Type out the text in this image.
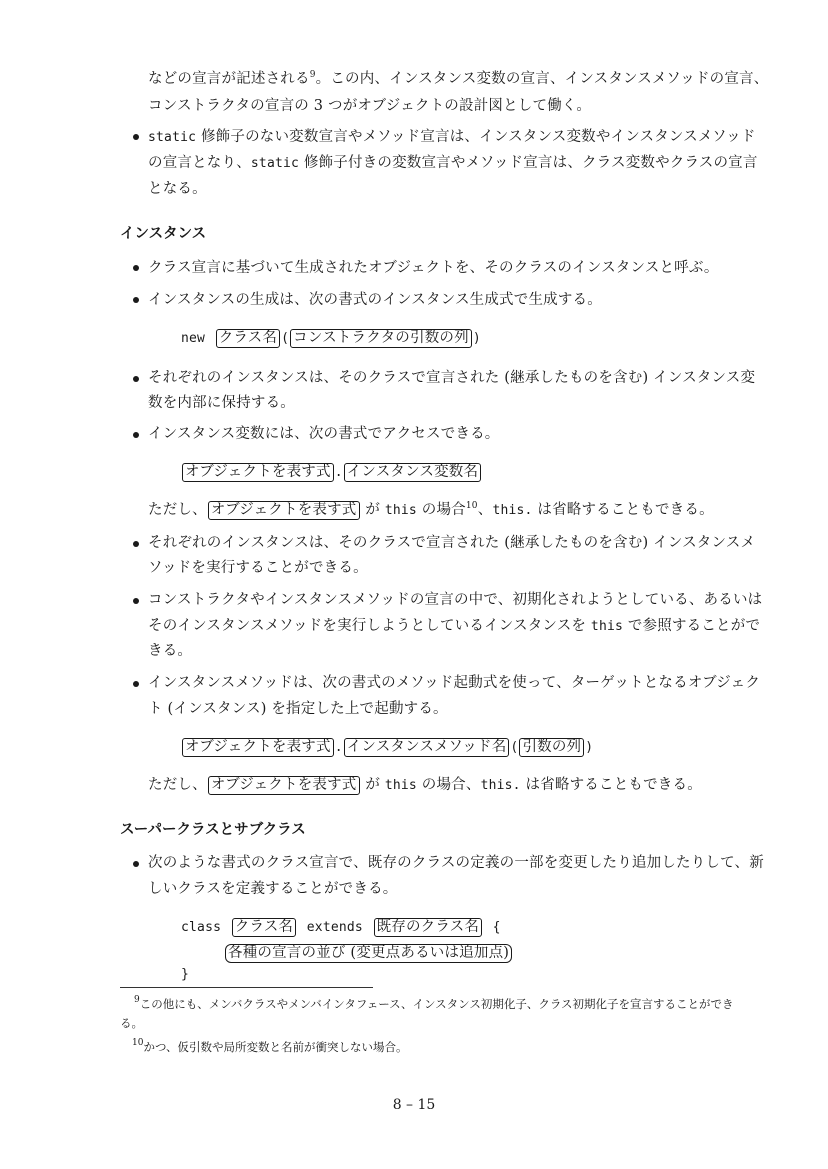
などの宣言が記述される$^9$。この内、インスタンス変数の宣言、インスタンスメソッドの宣言、
コンストラクタの宣言の 3 つがオブジェクトの設計図として働く。
static 修飾子のない変数宣言やメソッド宣言は、インスタンス変数やインスタンスメソッド
の宣言となり、static 修飾子付きの変数宣言やメソッド宣言は、クラス変数やクラスの宣言
となる。
インスタンス
クラス宣言に基づいて生成されたオブジェクトを、そのクラスのインスタンスと呼ぶ。
インスタンスの生成は、次の書式のインスタンス生成式で生成する。
new クラス名 ( コンストラクタの引数の列 )
それぞれのインスタンスは、そのクラスで宣言された (継承したものを含む) インスタンス変
数を内部に保持する。
インスタンス変数には、次の書式でアクセスできる。
オブジェクトを表す式 . インスタンス変数名
ただし、 オブジェクトを表す式 が this の場合$^{10}$、this. は省略することもできる。
それぞれのインスタンスは、そのクラスで宣言された (継承したものを含む) インスタンスメ
ソッドを実行することができる。
コンストラクタやインスタンスメソッドの宣言の中で、初期化されようとしている、あるいは
そのインスタンスメソッドを実行しようとしているインスタンスを this で参照することがで
きる。
インスタンスメソッドは、次の書式のメソッド起動式を使って、ターゲットとなるオブジェク
ト (インスタンス) を指定した上で起動する。
オブジェクトを表す式 . インスタンスメソッド名 ( 引数の列 )
ただし、 オブジェクトを表す式 が this の場合、this. は省略することもできる。
スーパークラスとサブクラス
次のような書式のクラス宣言で、既存のクラスの定義の一部を変更したり追加したりして、新
しいクラスを定義することができる。
class クラス名 extends 既存のクラス名 {
各種の宣言の並び (変更点あるいは追加点)
}
$^9$この他にも、メンバクラスやメンバインタフェース、インスタンス初期化子、クラス初期化子を宣言することができ
る。
$^{10}$かつ、仮引数や局所変数と名前が衝突しない場合。
8 – 15
